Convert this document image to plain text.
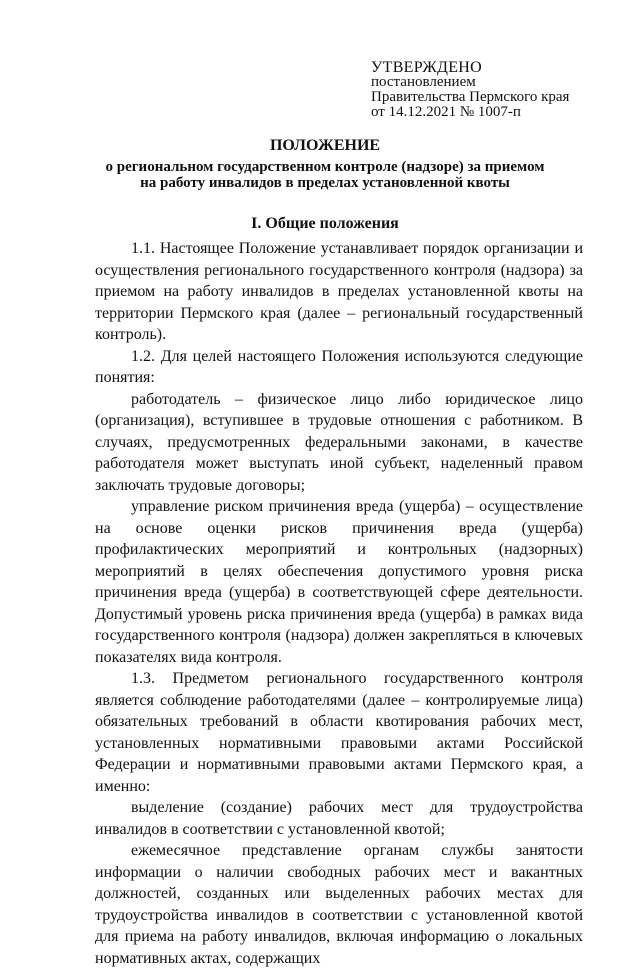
УТВЕРЖДЕНО
постановлением
Правительства Пермского края
от 14.12.2021 № 1007-п
ПОЛОЖЕНИЕ
о региональном государственном контроле (надзоре) за приемом
на работу инвалидов в пределах установленной квоты
I. Общие положения

1.1. Настоящее Положение устанавливает порядок организации и осуществления регионального государственного контроля (надзора) за приемом на работу инвалидов в пределах установленной квоты на территории Пермского края (далее – региональный государственный контроль).

1.2. Для целей настоящего Положения используются следующие понятия:

работодатель – физическое лицо либо юридическое лицо (организация), вступившее в трудовые отношения с работником. В случаях, предусмотренных федеральными законами, в качестве работодателя может выступать иной субъект, наделенный правом заключать трудовые договоры;

управление риском причинения вреда (ущерба) – осуществление на основе оценки рисков причинения вреда (ущерба) профилактических мероприятий и контрольных (надзорных) мероприятий в целях обеспечения допустимого уровня риска причинения вреда (ущерба) в соответствующей сфере деятельности. Допустимый уровень риска причинения вреда (ущерба) в рамках вида государственного контроля (надзора) должен закрепляться в ключевых показателях вида контроля.

1.3. Предметом регионального государственного контроля является соблюдение работодателями (далее – контролируемые лица) обязательных требований в области квотирования рабочих мест, установленных нормативными правовыми актами Российской Федерации и нормативными правовыми актами Пермского края, а именно:

выделение (создание) рабочих мест для трудоустройства инвалидов в соответствии с установленной квотой;

ежемесячное представление органам службы занятости информации о наличии свободных рабочих мест и вакантных должностей, созданных или выделенных рабочих местах для трудоустройства инвалидов в соответствии с установленной квотой для приема на работу инвалидов, включая информацию о локальных нормативных актах, содержащих
